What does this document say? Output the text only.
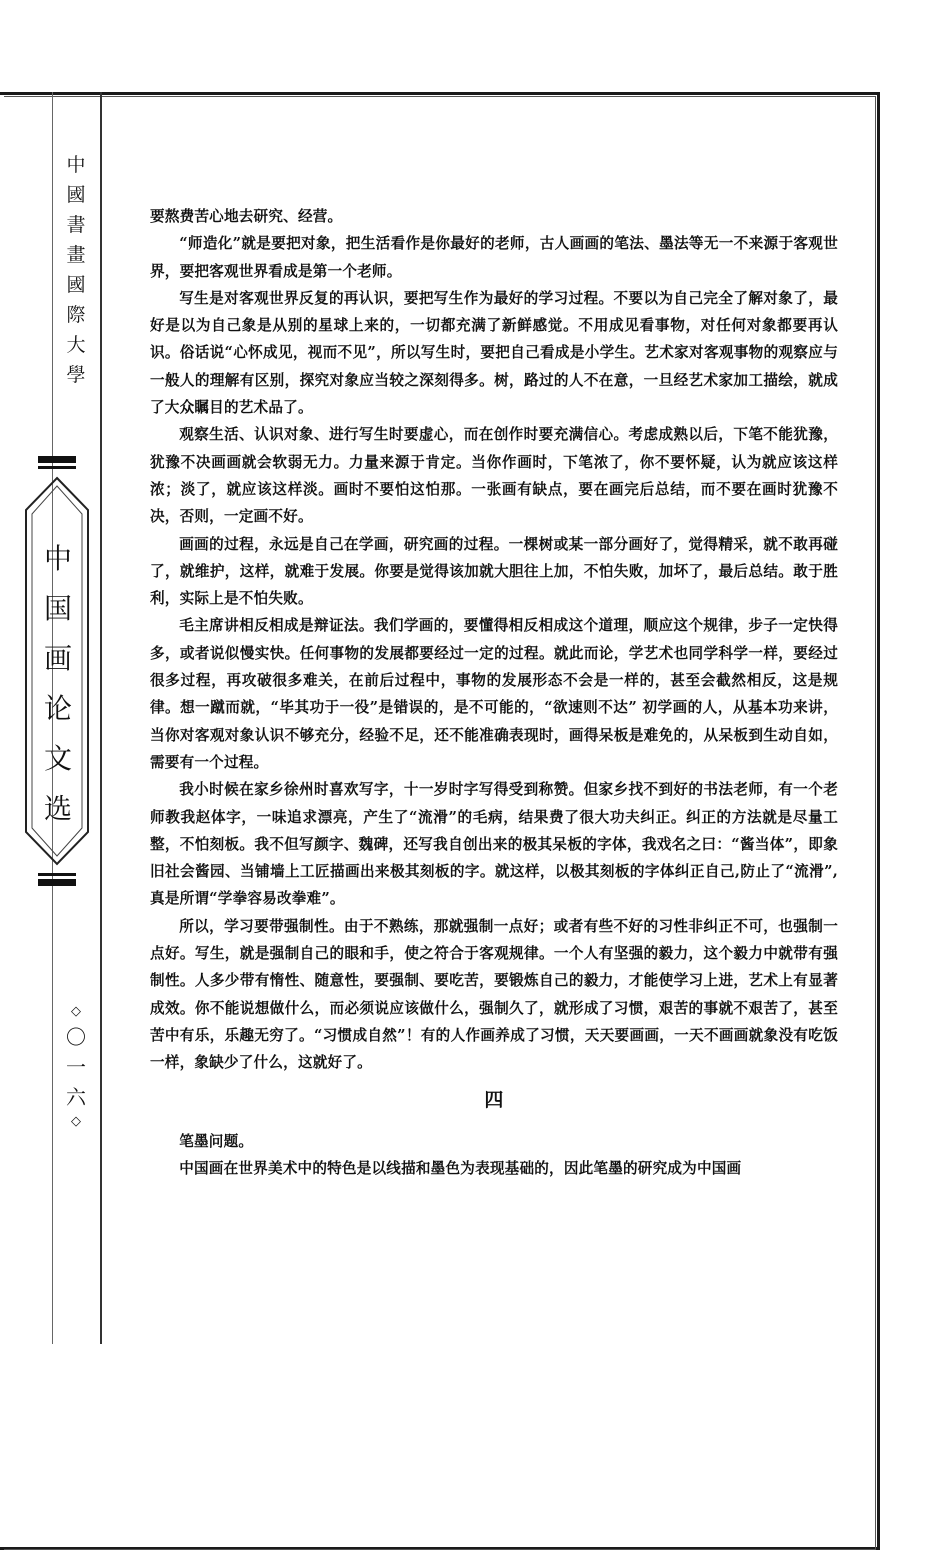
中
國
書
畫
國
際
大
學
中
国
画
论
文
选
◇
〇
一
六
◇

要熬费苦心地去研究、经营。

“师造化”就是要把对象，把生活看作是你最好的老师，古人画画的笔法、墨法等无一不来源于客观世界，要把客观世界看成是第一个老师。

写生是对客观世界反复的再认识，要把写生作为最好的学习过程。不要以为自己完全了解对象了，最好是以为自己象是从别的星球上来的，一切都充满了新鲜感觉。不用成见看事物，对任何对象都要再认识。俗话说“心怀成见，视而不见”，所以写生时，要把自己看成是小学生。艺术家对客观事物的观察应与一般人的理解有区别，探究对象应当较之深刻得多。树，路过的人不在意，一旦经艺术家加工描绘，就成了大众瞩目的艺术品了。

观察生活、认识对象、进行写生时要虚心，而在创作时要充满信心。考虑成熟以后，下笔不能犹豫，犹豫不决画画就会软弱无力。力量来源于肯定。当你作画时，下笔浓了，你不要怀疑，认为就应该这样浓；淡了，就应该这样淡。画时不要怕这怕那。一张画有缺点，要在画完后总结，而不要在画时犹豫不决，否则，一定画不好。

画画的过程，永远是自己在学画，研究画的过程。一棵树或某一部分画好了，觉得精采，就不敢再碰了，就维护，这样，就难于发展。你要是觉得该加就大胆往上加，不怕失败，加坏了，最后总结。敢于胜利，实际上是不怕失败。

毛主席讲相反相成是辩证法。我们学画的，要懂得相反相成这个道理，顺应这个规律，步子一定快得多，或者说似慢实快。任何事物的发展都要经过一定的过程。就此而论，学艺术也同学科学一样，要经过很多过程，再攻破很多难关，在前后过程中，事物的发展形态不会是一样的，甚至会截然相反，这是规律。想一蹴而就，“毕其功于一役”是错误的，是不可能的，“欲速则不达” 初学画的人，从基本功来讲，当你对客观对象认识不够充分，经验不足，还不能准确表现时，画得呆板是难免的，从呆板到生动自如，需要有一个过程。

我小时候在家乡徐州时喜欢写字，十一岁时字写得受到称赞。但家乡找不到好的书法老师，有一个老师教我赵体字，一味追求漂亮，产生了“流滑”的毛病，结果费了很大功夫纠正。纠正的方法就是尽量工整，不怕刻板。我不但写颜字、魏碑，还写我自创出来的极其呆板的字体，我戏名之曰：“酱当体”，即象旧社会酱园、当铺墙上工匠描画出来极其刻板的字。就这样，以极其刻板的字体纠正自己,防止了“流滑”,真是所谓“学拳容易改拳难”。

所以，学习要带强制性。由于不熟练，那就强制一点好；或者有些不好的习性非纠正不可，也强制一点好。写生，就是强制自己的眼和手，使之符合于客观规律。一个人有坚强的毅力，这个毅力中就带有强制性。人多少带有惰性、随意性，要强制、要吃苦，要锻炼自己的毅力，才能使学习上进，艺术上有显著成效。你不能说想做什么，而必须说应该做什么，强制久了，就形成了习惯，艰苦的事就不艰苦了，甚至苦中有乐，乐趣无穷了。“习惯成自然”！有的人作画养成了习惯，天天要画画，一天不画画就象没有吃饭一样，象缺少了什么，这就好了。

四

笔墨问题。

中国画在世界美术中的特色是以线描和墨色为表现基础的，因此笔墨的研究成为中国画
